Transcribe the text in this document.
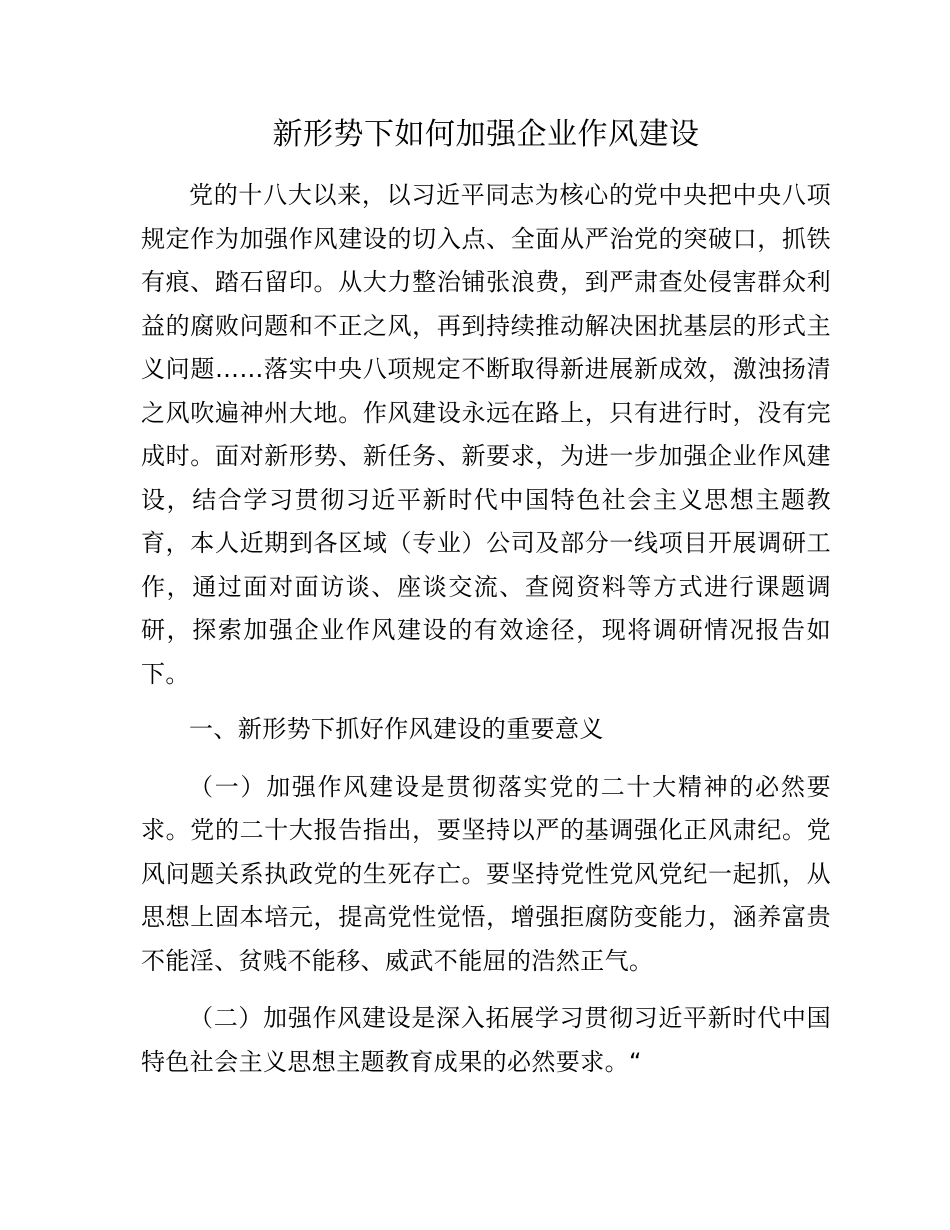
新形势下如何加强企业作风建设

党的十八大以来，以习近平同志为核心的党中央把中央八项规定作为加强作风建设的切入点、全面从严治党的突破口，抓铁有痕、踏石留印。从大力整治铺张浪费，到严肃查处侵害群众利益的腐败问题和不正之风，再到持续推动解决困扰基层的形式主义问题……落实中央八项规定不断取得新进展新成效，激浊扬清之风吹遍神州大地。作风建设永远在路上，只有进行时，没有完成时。面对新形势、新任务、新要求，为进一步加强企业作风建设，结合学习贯彻习近平新时代中国特色社会主义思想主题教育，本人近期到各区域（专业）公司及部分一线项目开展调研工作，通过面对面访谈、座谈交流、查阅资料等方式进行课题调研，探索加强企业作风建设的有效途径，现将调研情况报告如下。

一、新形势下抓好作风建设的重要意义

（一）加强作风建设是贯彻落实党的二十大精神的必然要求。党的二十大报告指出，要坚持以严的基调强化正风肃纪。党风问题关系执政党的生死存亡。要坚持党性党风党纪一起抓，从思想上固本培元，提高党性觉悟，增强拒腐防变能力，涵养富贵不能淫、贫贱不能移、威武不能屈的浩然正气。

（二）加强作风建设是深入拓展学习贯彻习近平新时代中国特色社会主义思想主题教育成果的必然要求。“
